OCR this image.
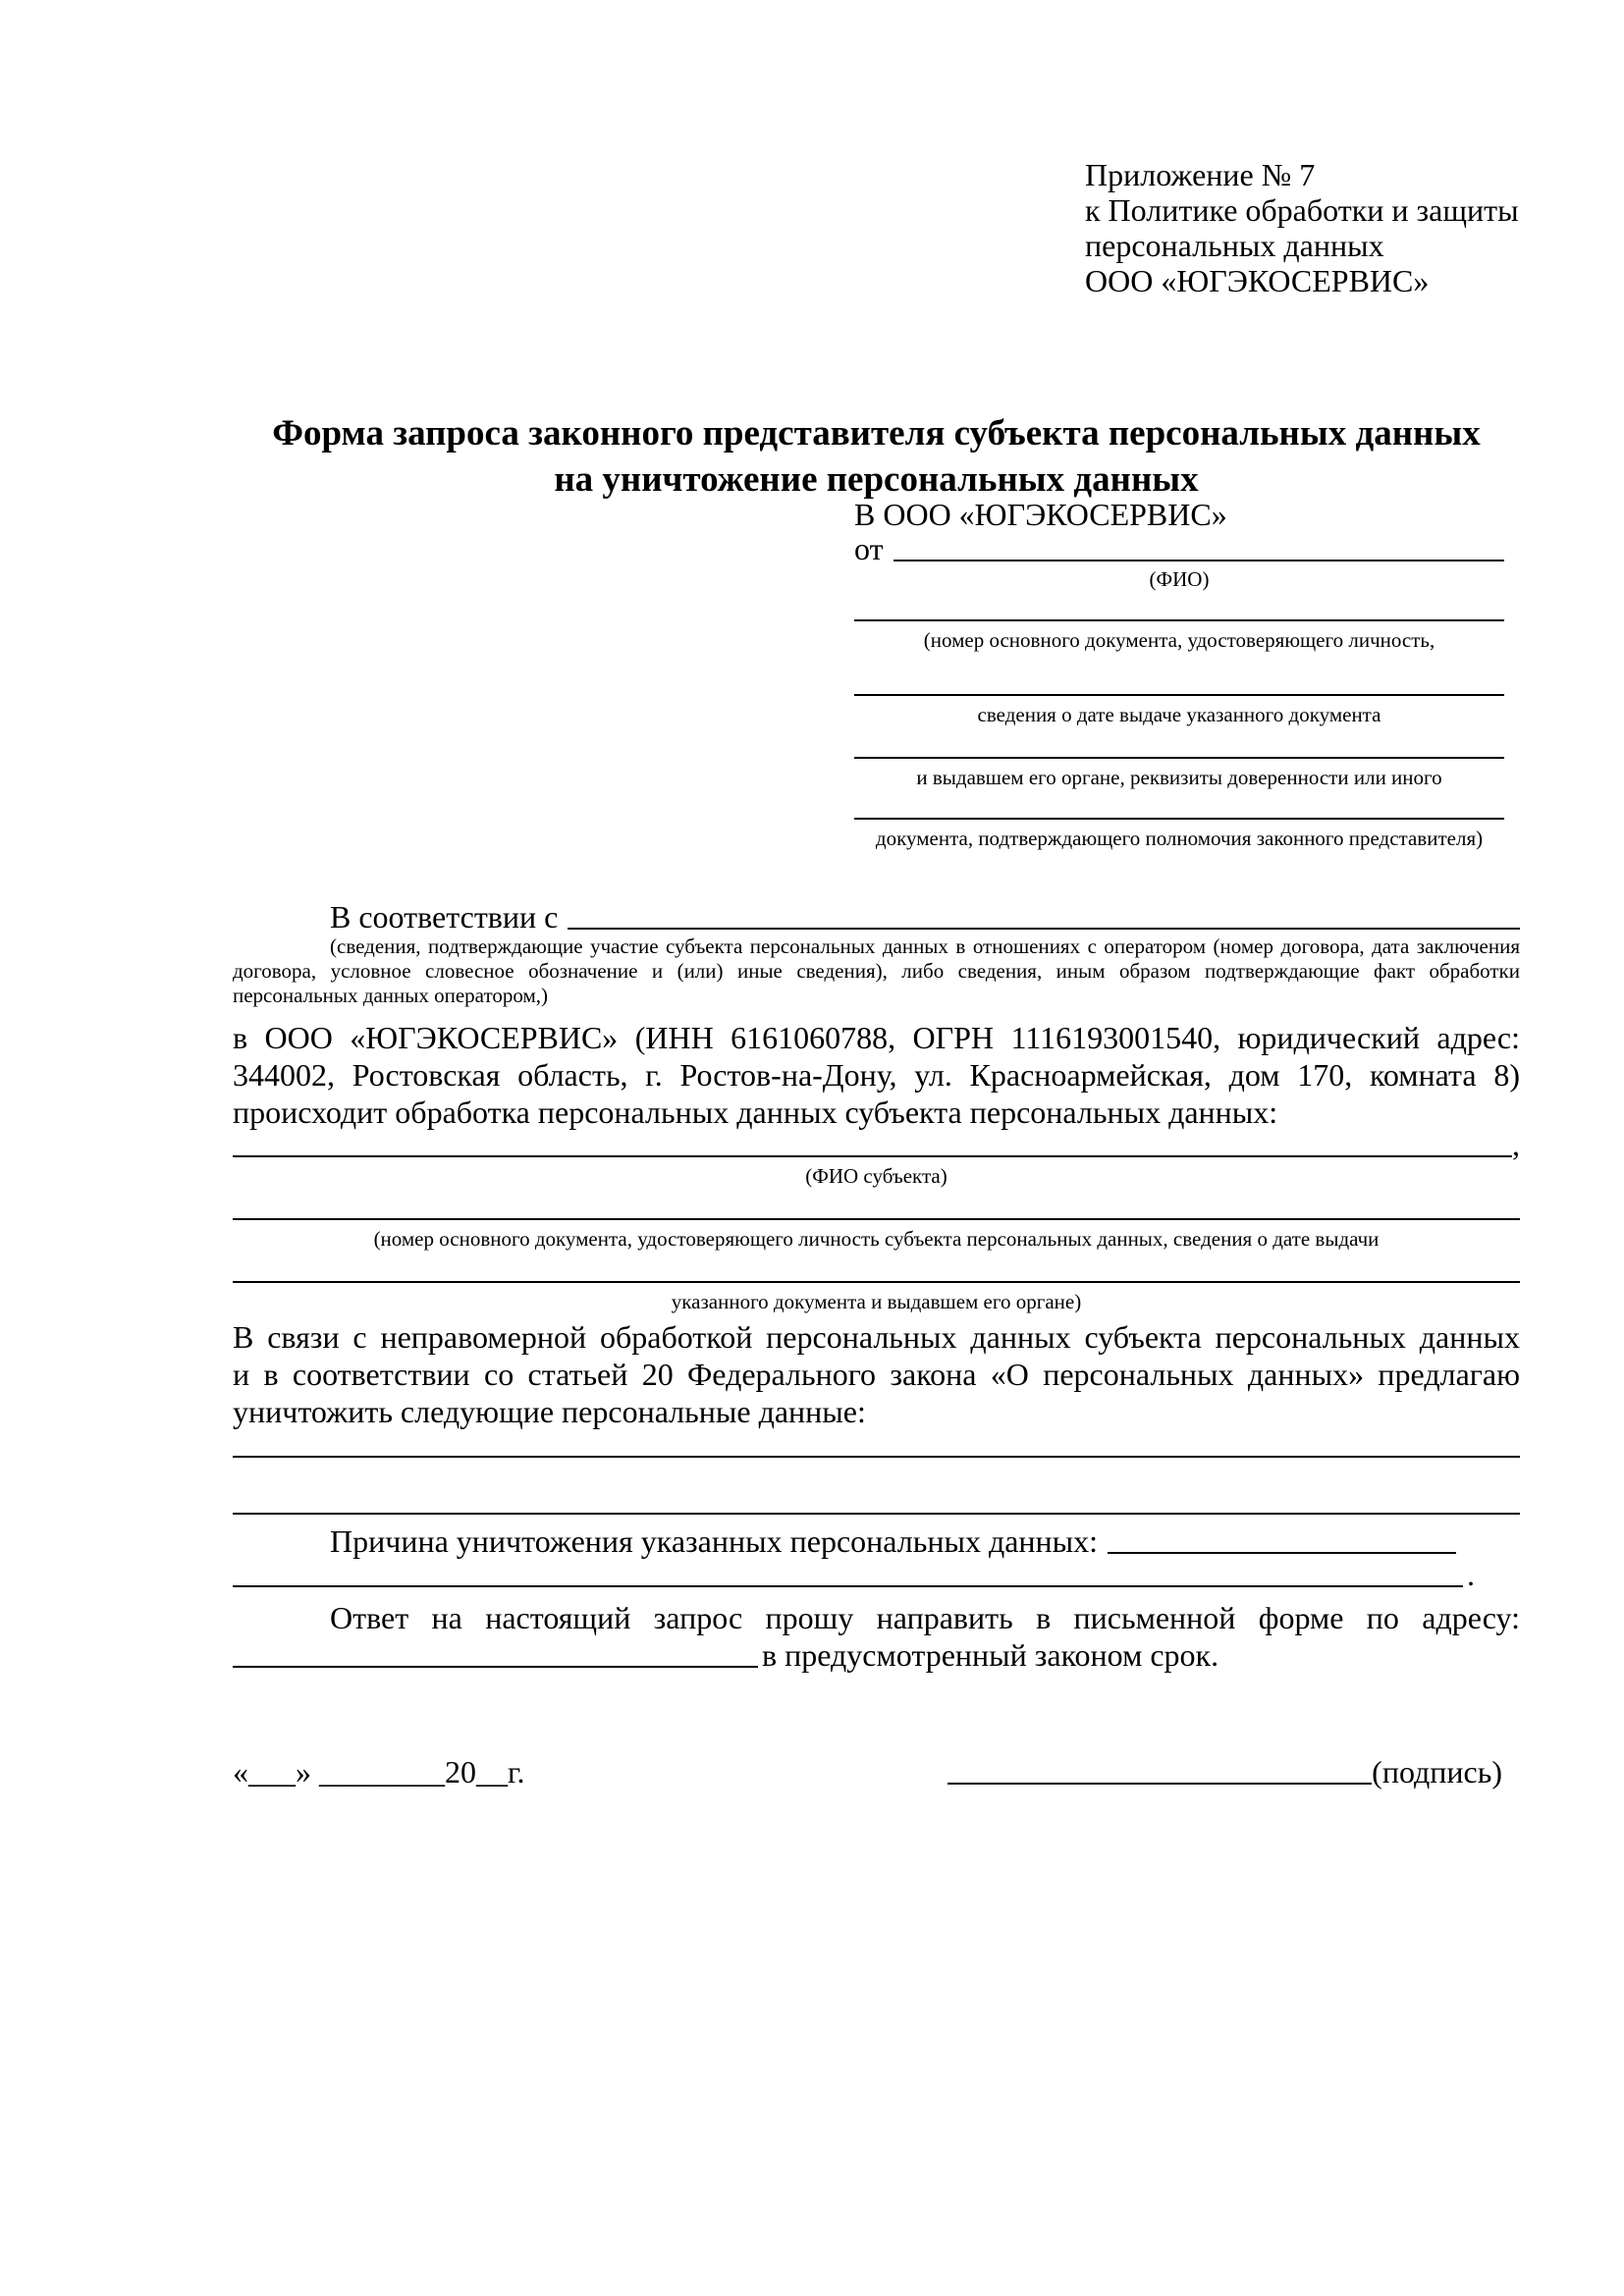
Приложение № 7
к Политике обработки и защиты
персональных данных
ООО «ЮГЭКОСЕРВИС»
Форма запроса законного представителя субъекта персональных данных
на уничтожение персональных данных
В ООО «ЮГЭКОСЕРВИС»
от
(ФИО)
(номер основного документа, удостоверяющего личность,
сведения о дате выдаче указанного документа
и выдавшем его органе, реквизиты доверенности или иного
документа, подтверждающего полномочия законного представителя)
В соответствии с
(сведения, подтверждающие участие субъекта персональных данных в отношениях с оператором (номер договора, дата заключения договора, условное словесное обозначение и (или) иные сведения), либо сведения, иным образом подтверждающие факт обработки персональных данных оператором,)
в ООО «ЮГЭКОСЕРВИС» (ИНН 6161060788, ОГРН 1116193001540, юридический адрес:
344002, Ростовская область, г. Ростов-на-Дону, ул. Красноармейская, дом 170, комната 8)
происходит обработка персональных данных субъекта персональных данных:
,
(ФИО субъекта)
(номер основного документа, удостоверяющего личность субъекта персональных данных, сведения о дате выдачи
указанного документа и выдавшем его органе)
В связи с неправомерной обработкой персональных данных субъекта персональных данных
и в соответствии со статьей 20 Федерального закона «О персональных данных» предлагаю
уничтожить следующие персональные данные:
Причина уничтожения указанных персональных данных:
.
Ответ на настоящий запрос прошу направить в письменной форме по адресу:
в предусмотренный законом срок.
«___» ________20__г.	(подпись)
